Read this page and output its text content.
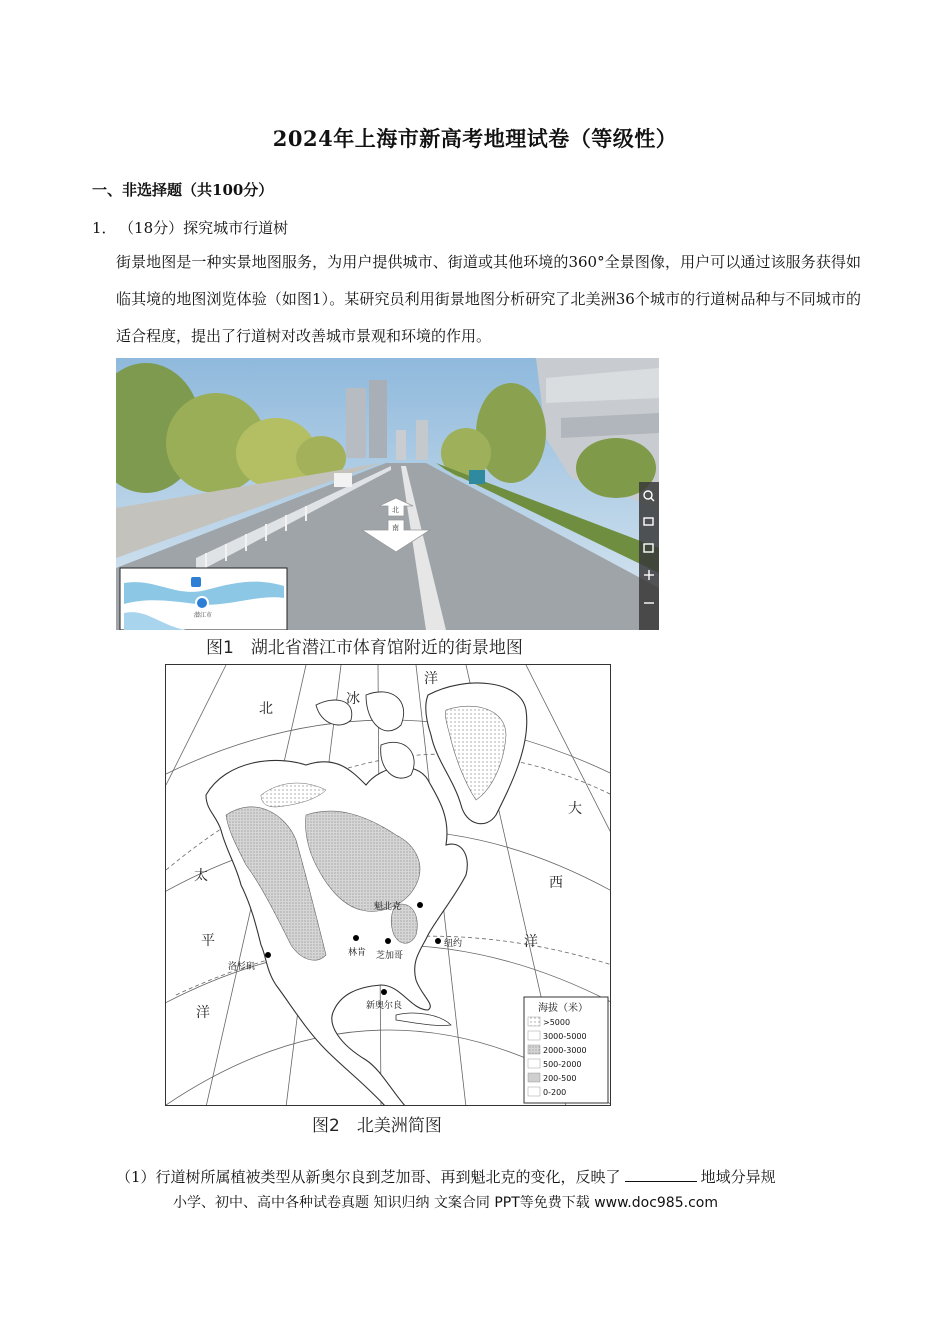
2024年上海市新高考地理试卷（等级性）
一、非选择题（共100分）
1． （18分）探究城市行道树
街景地图是一种实景地图服务，为用户提供城市、街道或其他环境的360°全景图像，用户可以通过该服务获得如临其境的地图浏览体验（如图1）。某研究员利用街景地图分析研究了北美洲36个城市的行道树品种与不同城市的适合程度，提出了行道树对改善城市景观和环境的作用。
北
南
潜江市
图1　湖北省潜江市体育馆附近的街景地图
北
冰
洋
大
西
洋
太
平
洋
魁北克
纽约
芝加哥
林肯
洛杉矶
新奥尔良	海拔（米）
>5000
3000-5000
2000-3000
500-2000
200-500
0-200
图2　北美洲简图
（1）行道树所属植被类型从新奥尔良到芝加哥、再到魁北克的变化，反映了	地域分异规
小学、初中、高中各种试卷真题 知识归纳 文案合同 PPT等免费下载 www.doc985.com
